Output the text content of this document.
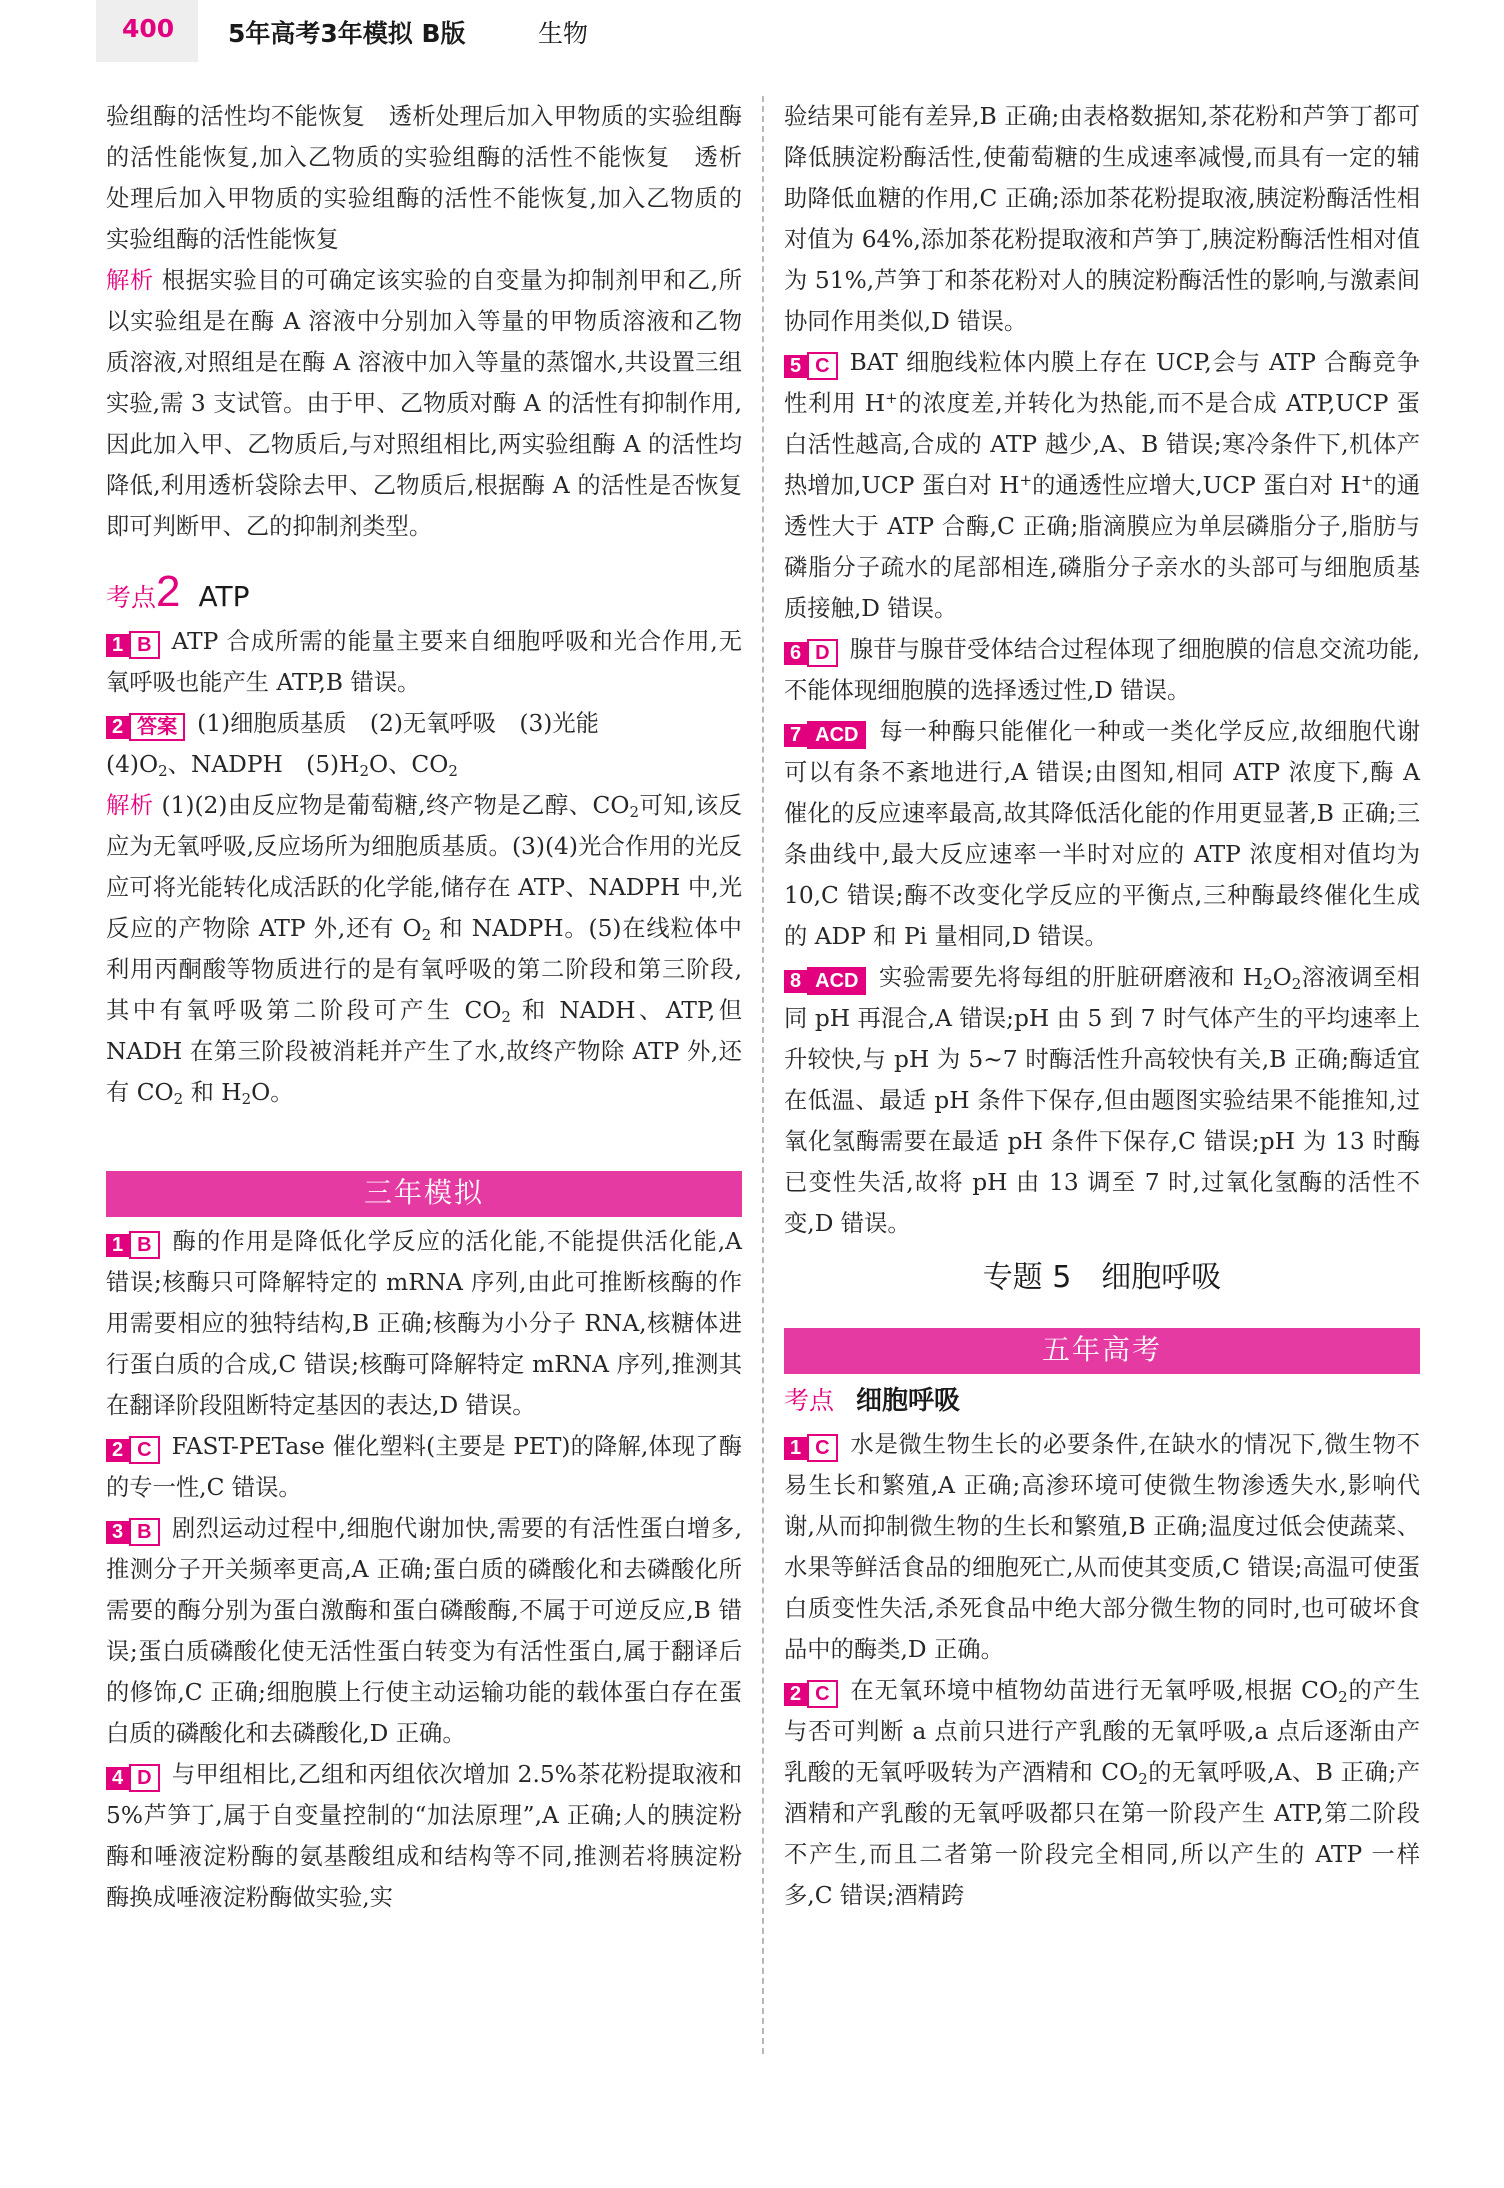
400 5年高考3年模拟 B版	生物

验组酶的活性均不能恢复　透析处理后加入甲物质的实验组酶的活性能恢复,加入乙物质的实验组酶的活性不能恢复　透析处理后加入甲物质的实验组酶的活性不能恢复,加入乙物质的实验组酶的活性能恢复

解析 根据实验目的可确定该实验的自变量为抑制剂甲和乙,所以实验组是在酶 A 溶液中分别加入等量的甲物质溶液和乙物质溶液,对照组是在酶 A 溶液中加入等量的蒸馏水,共设置三组实验,需 3 支试管。由于甲、乙物质对酶 A 的活性有抑制作用,因此加入甲、乙物质后,与对照组相比,两实验组酶 A 的活性均降低,利用透析袋除去甲、乙物质后,根据酶 A 的活性是否恢复即可判断甲、乙的抑制剂类型。

考点2 ATP

1 B ATP 合成所需的能量主要来自细胞呼吸和光合作用,无氧呼吸也能产生 ATP,B 错误。

2 答案 (1)细胞质基质　(2)无氧呼吸　(3)光能
$(4)O_2$、NADPH　$(5)H_2O$、$CO_2$

解析 (1)(2)由反应物是葡萄糖,终产物是乙醇、$CO_2$可知,该反应为无氧呼吸,反应场所为细胞质基质。(3)(4)光合作用的光反应可将光能转化成活跃的化学能,储存在 ATP、NADPH 中,光反应的产物除 ATP 外,还有 $O_2$ 和 NADPH。(5)在线粒体中利用丙酮酸等物质进行的是有氧呼吸的第二阶段和第三阶段,其中有氧呼吸第二阶段可产生 $CO_2$ 和 NADH、ATP,但 NADH 在第三阶段被消耗并产生了水,故终产物除 ATP 外,还有 $CO_2$ 和 $H_2O$。

三年模拟

1 B 酶的作用是降低化学反应的活化能,不能提供活化能,A 错误;核酶只可降解特定的 mRNA 序列,由此可推断核酶的作用需要相应的独特结构,B 正确;核酶为小分子 RNA,核糖体进行蛋白质的合成,C 错误;核酶可降解特定 mRNA 序列,推测其在翻译阶段阻断特定基因的表达,D 错误。

2 C FAST-PETase 催化塑料(主要是 PET)的降解,体现了酶的专一性,C 错误。

3 B 剧烈运动过程中,细胞代谢加快,需要的有活性蛋白增多,推测分子开关频率更高,A 正确;蛋白质的磷酸化和去磷酸化所需要的酶分别为蛋白激酶和蛋白磷酸酶,不属于可逆反应,B 错误;蛋白质磷酸化使无活性蛋白转变为有活性蛋白,属于翻译后的修饰,C 正确;细胞膜上行使主动运输功能的载体蛋白存在蛋白质的磷酸化和去磷酸化,D 正确。

4 D 与甲组相比,乙组和丙组依次增加 2.5%茶花粉提取液和 5%芦笋丁,属于自变量控制的“加法原理”,A 正确;人的胰淀粉酶和唾液淀粉酶的氨基酸组成和结构等不同,推测若将胰淀粉酶换成唾液淀粉酶做实验,实

验结果可能有差异,B 正确;由表格数据知,茶花粉和芦笋丁都可降低胰淀粉酶活性,使葡萄糖的生成速率减慢,而具有一定的辅助降低血糖的作用,C 正确;添加茶花粉提取液,胰淀粉酶活性相对值为 64%,添加茶花粉提取液和芦笋丁,胰淀粉酶活性相对值为 51%,芦笋丁和茶花粉对人的胰淀粉酶活性的影响,与激素间协同作用类似,D 错误。

5 C BAT 细胞线粒体内膜上存在 UCP,会与 ATP 合酶竞争性利用 H+的浓度差,并转化为热能,而不是合成 ATP,UCP 蛋白活性越高,合成的 ATP 越少,A、B 错误;寒冷条件下,机体产热增加,UCP 蛋白对 H+的通透性应增大,UCP 蛋白对 H+的通透性大于 ATP 合酶,C 正确;脂滴膜应为单层磷脂分子,脂肪与磷脂分子疏水的尾部相连,磷脂分子亲水的头部可与细胞质基质接触,D 错误。

6 D 腺苷与腺苷受体结合过程体现了细胞膜的信息交流功能,不能体现细胞膜的选择透过性,D 错误。

7 ACD 每一种酶只能催化一种或一类化学反应,故细胞代谢可以有条不紊地进行,A 错误;由图知,相同 ATP 浓度下,酶 A 催化的反应速率最高,故其降低活化能的作用更显著,B 正确;三条曲线中,最大反应速率一半时对应的 ATP 浓度相对值均为 10,C 错误;酶不改变化学反应的平衡点,三种酶最终催化生成的 ADP 和 Pi 量相同,D 错误。

8 ACD 实验需要先将每组的肝脏研磨液和 $H_2O_2$溶液调至相同 pH 再混合,A 错误;pH 由 5 到 7 时气体产生的平均速率上升较快,与 pH 为 5~7 时酶活性升高较快有关,B 正确;酶适宜在低温、最适 pH 条件下保存,但由题图实验结果不能推知,过氧化氢酶需要在最适 pH 条件下保存,C 错误;pH 为 13 时酶已变性失活,故将 pH 由 13 调至 7 时,过氧化氢酶的活性不变,D 错误。

专题 5　细胞呼吸
五年高考
考点 细胞呼吸

1 C 水是微生物生长的必要条件,在缺水的情况下,微生物不易生长和繁殖,A 正确;高渗环境可使微生物渗透失水,影响代谢,从而抑制微生物的生长和繁殖,B 正确;温度过低会使蔬菜、水果等鲜活食品的细胞死亡,从而使其变质,C 错误;高温可使蛋白质变性失活,杀死食品中绝大部分微生物的同时,也可破坏食品中的酶类,D 正确。

2 C 在无氧环境中植物幼苗进行无氧呼吸,根据 $CO_2$的产生与否可判断 a 点前只进行产乳酸的无氧呼吸,a 点后逐渐由产乳酸的无氧呼吸转为产酒精和 $CO_2$的无氧呼吸,A、B 正确;产酒精和产乳酸的无氧呼吸都只在第一阶段产生 ATP,第二阶段不产生,而且二者第一阶段完全相同,所以产生的 ATP 一样多,C 错误;酒精跨
